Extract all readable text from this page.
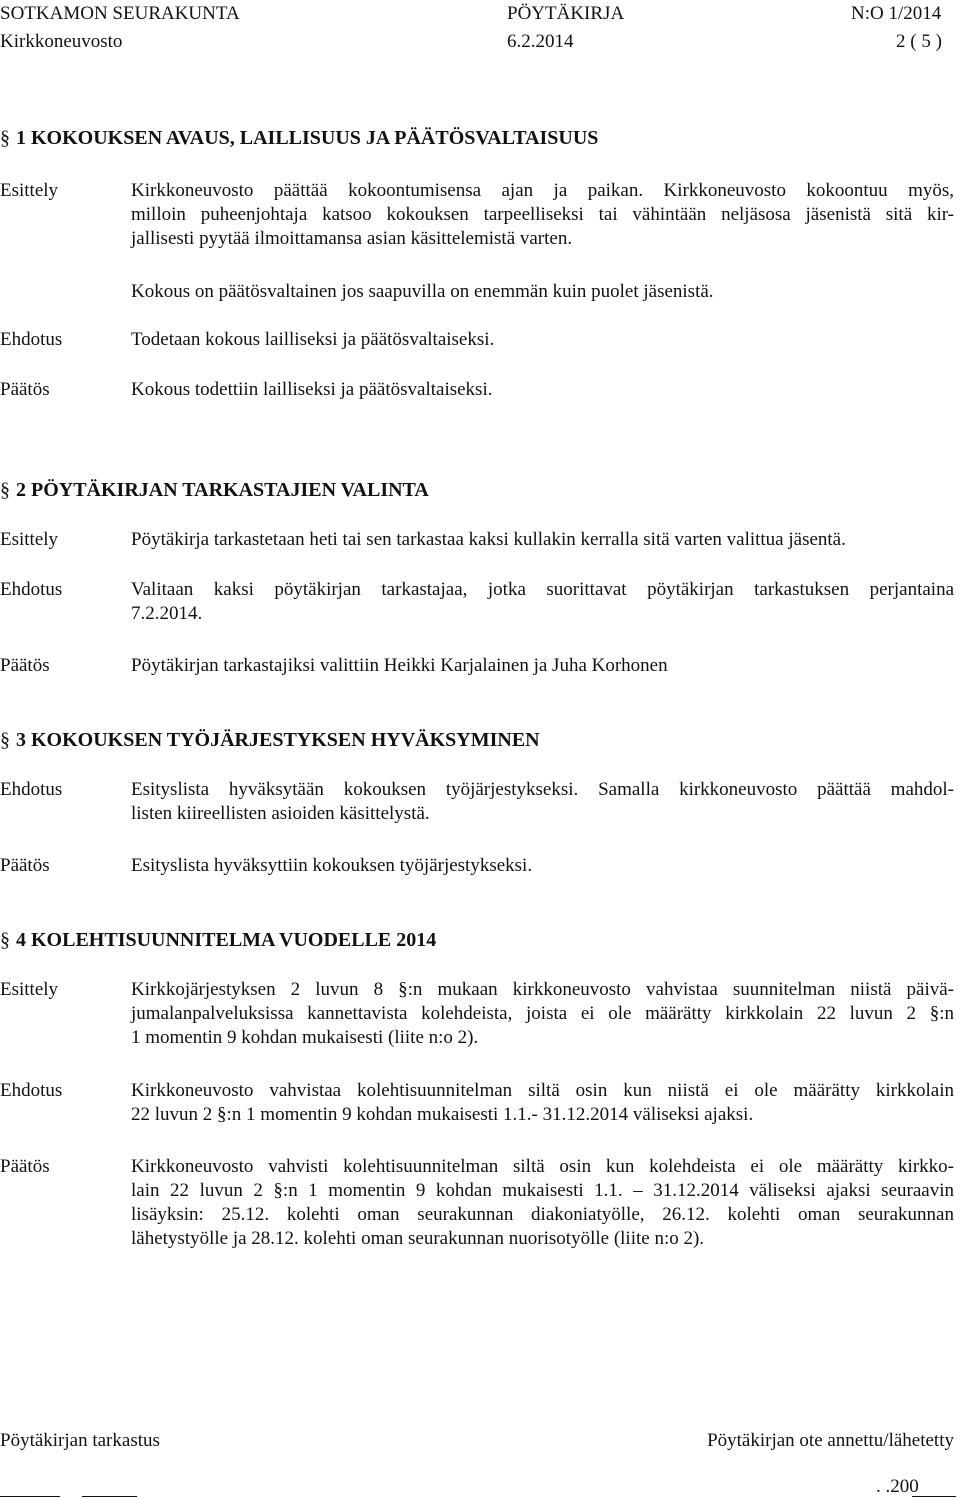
SOTKAMON SEURAKUNTA	PÖYTÄKIRJA	N:O 1/2014
Kirkkoneuvosto	6.2.2014	2 ( 5 )
§ 1 KOKOUKSEN AVAUS, LAILLISUUS JA PÄÄTÖSVALTAISUUS
Esittely	Kirkkoneuvosto päättää kokoontumisensa ajan ja paikan. Kirkkoneuvosto kokoontuu myös,
milloin puheenjohtaja katsoo kokouksen tarpeelliseksi tai vähintään neljäsosa jäsenistä sitä kir-
jallisesti pyytää ilmoittamansa asian käsittelemistä varten.
Kokous on päätösvaltainen jos saapuvilla on enemmän kuin puolet jäsenistä.
Ehdotus	Todetaan kokous lailliseksi ja päätösvaltaiseksi.
Päätös	Kokous todettiin lailliseksi ja päätösvaltaiseksi.
§ 2 PÖYTÄKIRJAN TARKASTAJIEN VALINTA
Esittely	Pöytäkirja tarkastetaan heti tai sen tarkastaa kaksi kullakin kerralla sitä varten valittua jäsentä.
Ehdotus	Valitaan kaksi pöytäkirjan tarkastajaa, jotka suorittavat pöytäkirjan tarkastuksen perjantaina
7.2.2014.
Päätös	Pöytäkirjan tarkastajiksi valittiin Heikki Karjalainen ja Juha Korhonen
§ 3 KOKOUKSEN TYÖJÄRJESTYKSEN HYVÄKSYMINEN
Ehdotus	Esityslista hyväksytään kokouksen työjärjestykseksi. Samalla kirkkoneuvosto päättää mahdol-
listen kiireellisten asioiden käsittelystä.
Päätös	Esityslista hyväksyttiin kokouksen työjärjestykseksi.
§ 4 KOLEHTISUUNNITELMA VUODELLE 2014
Esittely	Kirkkojärjestyksen 2 luvun 8 §:n mukaan kirkkoneuvosto vahvistaa suunnitelman niistä päivä-
jumalanpalveluksissa kannettavista kolehdeista, joista ei ole määrätty kirkkolain 22 luvun 2 §:n
1 momentin 9 kohdan mukaisesti (liite n:o 2).
Ehdotus	Kirkkoneuvosto vahvistaa kolehtisuunnitelman siltä osin kun niistä ei ole määrätty kirkkolain
22 luvun 2 §:n 1 momentin 9 kohdan mukaisesti 1.1.- 31.12.2014 väliseksi ajaksi.
Päätös	Kirkkoneuvosto vahvisti kolehtisuunnitelman siltä osin kun kolehdeista ei ole määrätty kirkko-
lain 22 luvun 2 §:n 1 momentin 9 kohdan mukaisesti 1.1. – 31.12.2014 väliseksi ajaksi seuraavin
lisäyksin: 25.12. kolehti oman seurakunnan diakoniatyölle, 26.12. kolehti oman seurakunnan
lähetystyölle ja 28.12. kolehti oman seurakunnan nuorisotyölle (liite n:o 2).
Pöytäkirjan tarkastus	Pöytäkirjan ote annettu/lähetetty
. .200
